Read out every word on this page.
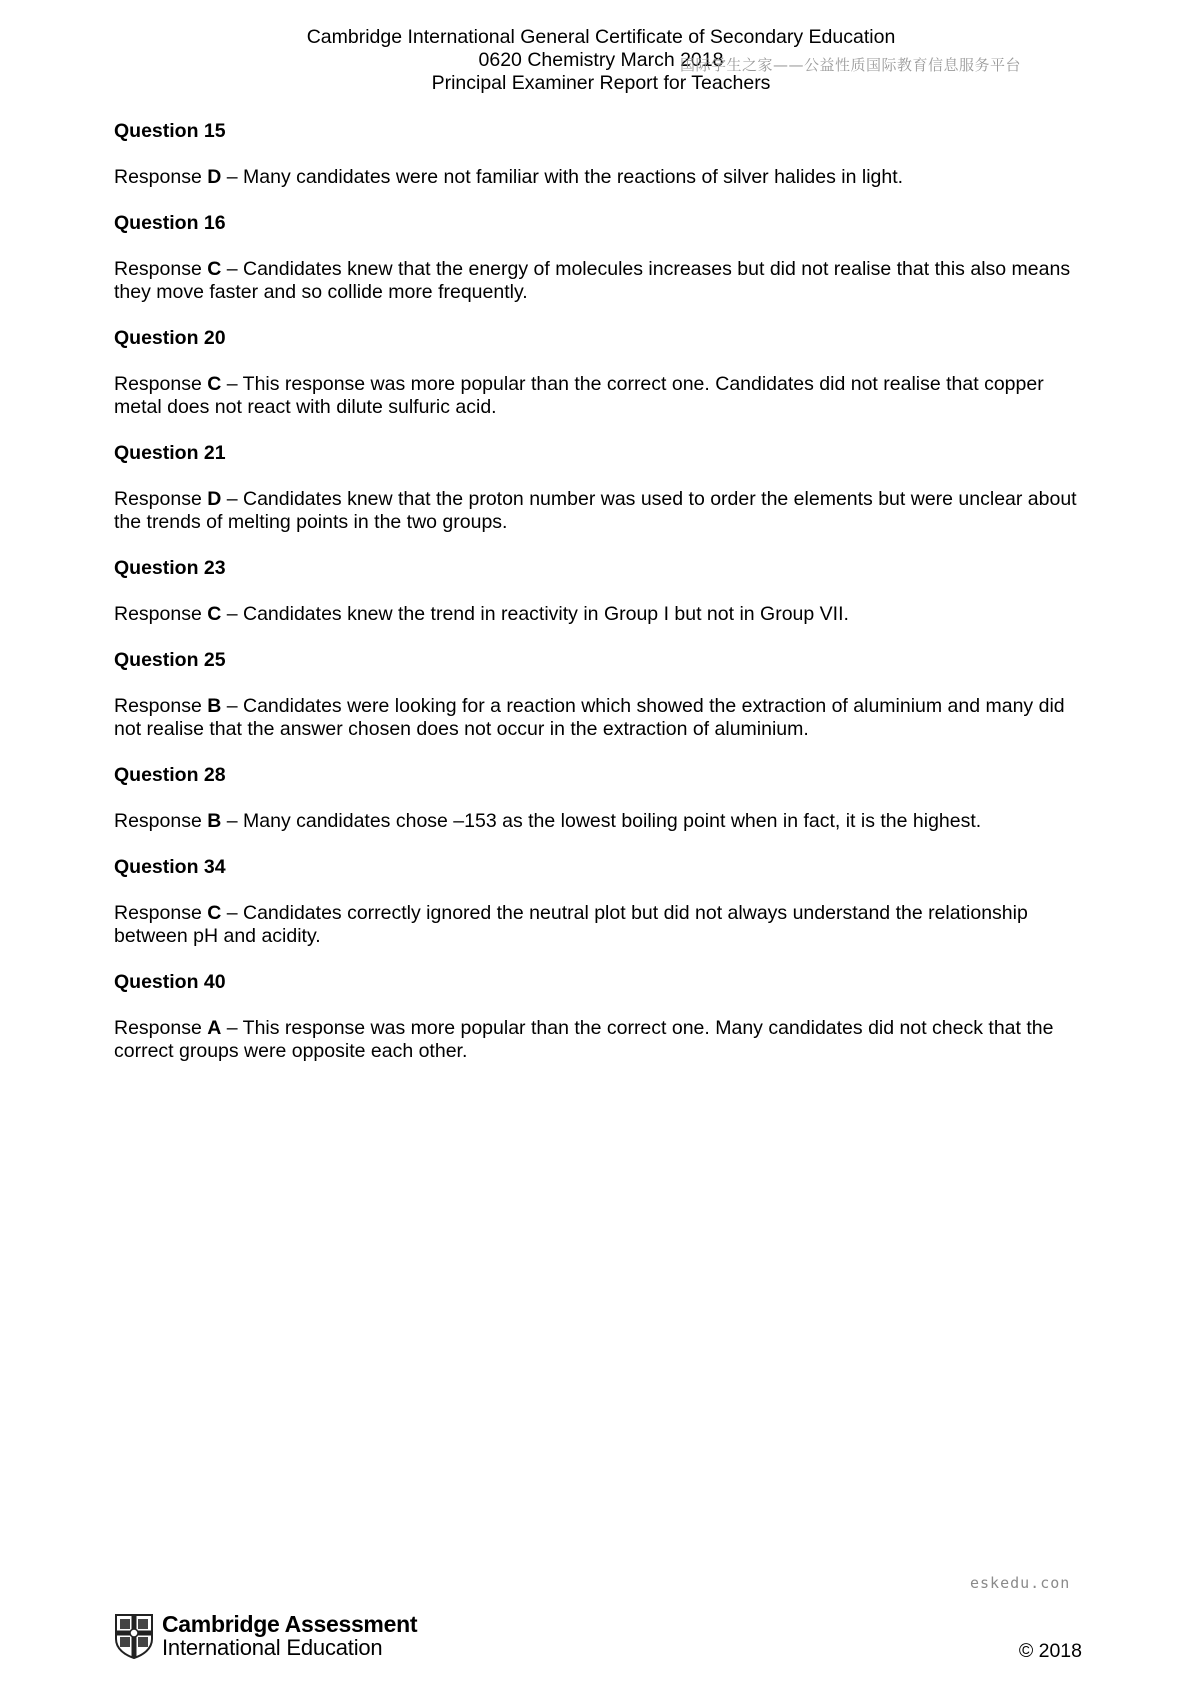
Cambridge International General Certificate of Secondary Education
0620 Chemistry March 2018
Principal Examiner Report for Teachers
国际学生之家——公益性质国际教育信息服务平台

Question 15

Response D – Many candidates were not familiar with the reactions of silver halides in light.

Question 16

Response C – Candidates knew that the energy of molecules increases but did not realise that this also means they move faster and so collide more frequently.

Question 20

Response C – This response was more popular than the correct one. Candidates did not realise that copper metal does not react with dilute sulfuric acid.

Question 21

Response D – Candidates knew that the proton number was used to order the elements but were unclear about the trends of melting points in the two groups.

Question 23

Response C – Candidates knew the trend in reactivity in Group I but not in Group VII.

Question 25

Response B – Candidates were looking for a reaction which showed the extraction of aluminium and many did not realise that the answer chosen does not occur in the extraction of aluminium.

Question 28

Response B – Many candidates chose –153 as the lowest boiling point when in fact, it is the highest.

Question 34

Response C – Candidates correctly ignored the neutral plot but did not always understand the relationship between pH and acidity.

Question 40

Response A – This response was more popular than the correct one. Many candidates did not check that the correct groups were opposite each other.

eskedu.con
Cambridge Assessment
International Education	© 2018
